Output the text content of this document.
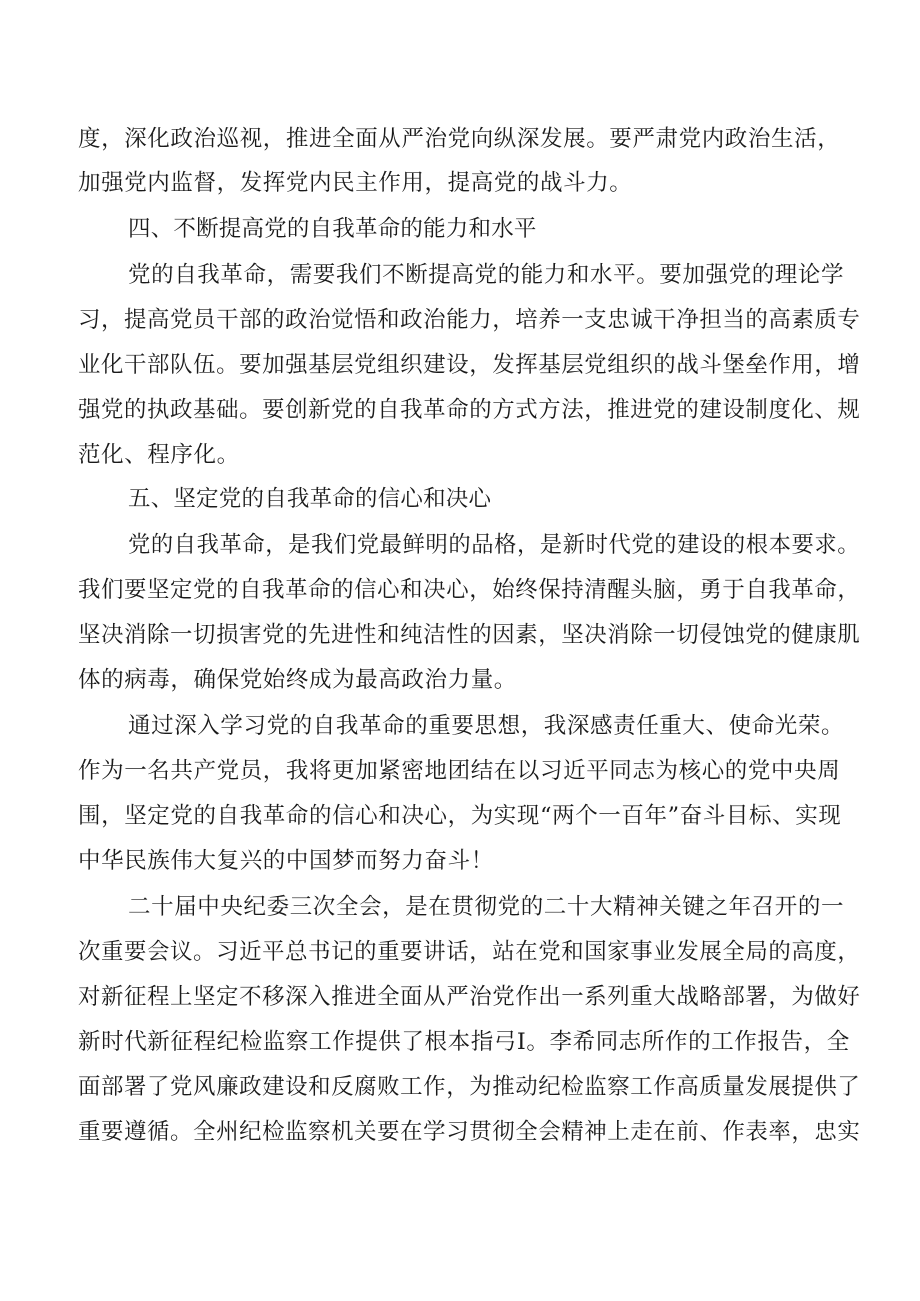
度，深化政治巡视，推进全面从严治党向纵深发展。要严肃党内政治生活，
加强党内监督，发挥党内民主作用，提高党的战斗力。
四、不断提高党的自我革命的能力和水平
党的自我革命，需要我们不断提高党的能力和水平。要加强党的理论学
习，提高党员干部的政治觉悟和政治能力，培养一支忠诚干净担当的高素质专
业化干部队伍。要加强基层党组织建设，发挥基层党组织的战斗堡垒作用，增
强党的执政基础。要创新党的自我革命的方式方法，推进党的建设制度化、规
范化、程序化。
五、坚定党的自我革命的信心和决心
党的自我革命，是我们党最鲜明的品格，是新时代党的建设的根本要求。
我们要坚定党的自我革命的信心和决心，始终保持清醒头脑，勇于自我革命，
坚决消除一切损害党的先进性和纯洁性的因素，坚决消除一切侵蚀党的健康肌
体的病毒，确保党始终成为最高政治力量。
通过深入学习党的自我革命的重要思想，我深感责任重大、使命光荣。
作为一名共产党员，我将更加紧密地团结在以习近平同志为核心的党中央周
围，坚定党的自我革命的信心和决心，为实现“两个一百年”奋斗目标、实现
中华民族伟大复兴的中国梦而努力奋斗！
二十届中央纪委三次全会，是在贯彻党的二十大精神关键之年召开的一
次重要会议。习近平总书记的重要讲话，站在党和国家事业发展全局的高度，
对新征程上坚定不移深入推进全面从严治党作出一系列重大战略部署，为做好
新时代新征程纪检监察工作提供了根本指弓I。李希同志所作的工作报告，全
面部署了党风廉政建设和反腐败工作，为推动纪检监察工作高质量发展提供了
重要遵循。全州纪检监察机关要在学习贯彻全会精神上走在前、作表率，忠实
